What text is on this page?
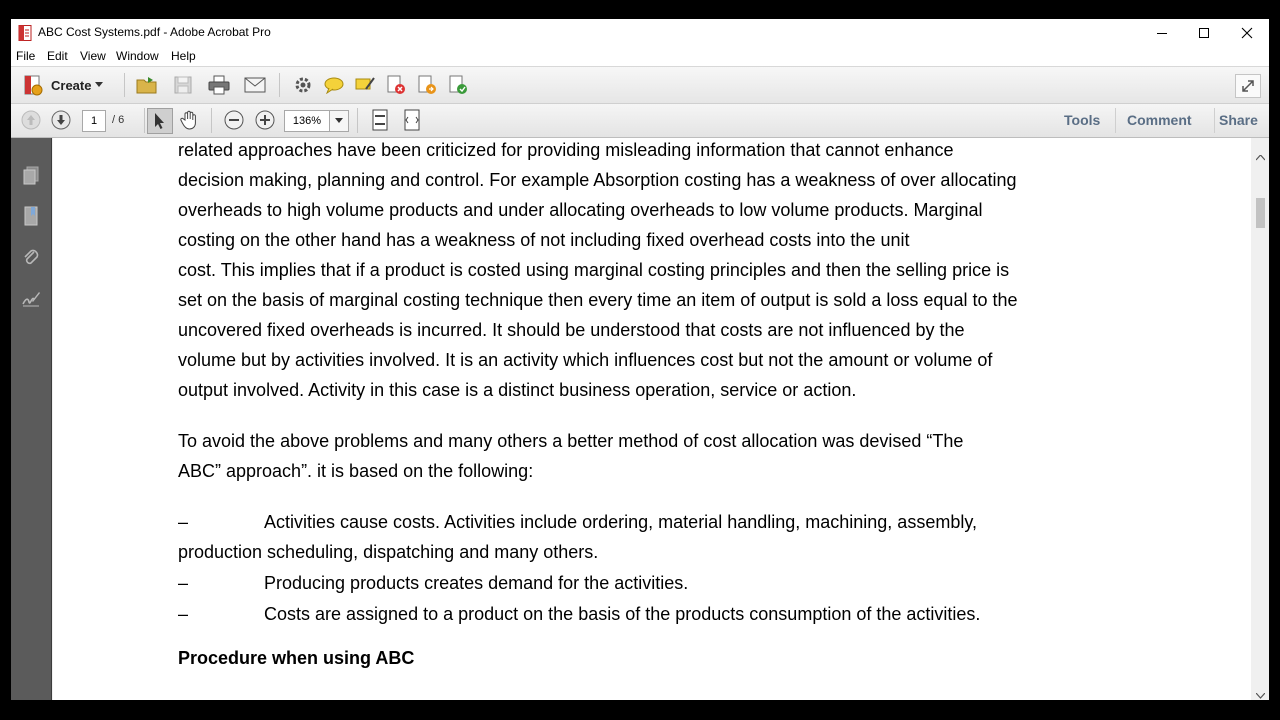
ABC Cost Systems.pdf - Adobe Acrobat Pro
File Edit View Window Help
Create
1	/ 6	136%	Tools Comment Share
related approaches have been criticized for providing misleading information that cannot enhance
decision making, planning and control. For example Absorption costing has a weakness of over allocating
overheads to high volume products and under allocating overheads to low volume products. Marginal
costing on the other hand has a weakness of not including fixed overhead costs into the unit
cost. This implies that if a product is costed using marginal costing principles and then the selling price is
set on the basis of marginal costing technique then every time an item of output is sold a loss equal to the
uncovered fixed overheads is incurred. It should be understood that costs are not influenced by the
volume but by activities involved. It is an activity which influences cost but not the amount or volume of
output involved. Activity in this case is a distinct business operation, service or action.
To avoid the above problems and many others a better method of cost allocation was devised “The
ABC” approach”. it is based on the following:
–	Activities cause costs. Activities include ordering, material handling, machining, assembly,
production scheduling, dispatching and many others.
–	Producing products creates demand for the activities.
–	Costs are assigned to a product on the basis of the products consumption of the activities.
Procedure when using ABC
